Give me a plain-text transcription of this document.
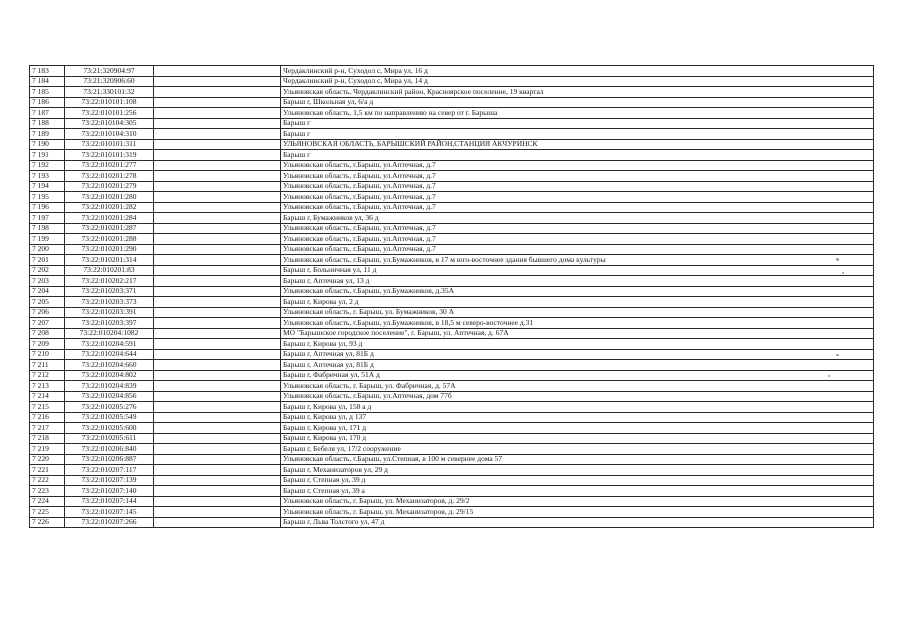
7 183	73:21:320904:97		Чердаклинский р-н, Суходол с, Мира ул, 16 д
7 184	73:21:320906:60		Чердаклинский р-н, Суходол с, Мира ул, 14 д
7 185	73:21:330101:32		Ульяновская область, Чердаклинский район, Красноярское поселение, 19 квартал
7 186	73:22:010101:108		Барыш г, Школьная ул, 6/а д
7 187	73:22:010101:256		Ульяновская область, 1,5 км по направлению на север от г. Барыша
7 188	73:22:010104:305		Барыш г
7 189	73:22:010104:310		Барыш г
7 190	73:22:010101:311		УЛЬЯНОВСКАЯ ОБЛАСТЬ, БАРЫШСКИЙ РАЙОН,СТАНЦИЯ АКЧУРИНСК
7 191	73:22:010101:319		Барыш г
7 192	73:22:010201:277		Ульяновская область, г.Барыш, ул.Аптечная, д.7
7 193	73:22:010201:278		Ульяновская область, г.Барыш, ул.Аптечная, д.7
7 194	73:22:010201:279		Ульяновская область, г.Барыш, ул.Аптечная, д.7
7 195	73:22:010201:280		Ульяновская область, г.Барыш, ул.Аптечная, д.7
7 196	73:22:010201:282		Ульяновская область, г.Барыш, ул.Аптечная, д.7
7 197	73:22:010201:284		Барыш г, Бумажников ул, 36 д
7 198	73:22:010201:287		Ульяновская область, г.Барыш, ул.Аптечная, д.7
7 199	73:22:010201:288		Ульяновская область, г.Барыш, ул.Аптечная, д.7
7 200	73:22:010201:290		Ульяновская область, г.Барыш, ул.Аптечная, д.7
7 201	73:22:010201:314		Ульяновская область, г.Барыш, ул.Бумажников, в 17 м юго-восточнее здания бывшего дома культуры
7 202	73:22:010201:83		Барыш г, Больничная ул, 11 д
7 203	73:22:010202:217		Барыш г, Аптечная ул, 13 д
7 204	73:22:010203:371		Ульяновская область, г.Барыш, ул.Бумажников, д.35А
7 205	73:22:010203:373		Барыш г, Кирова ул, 2 д
7 206	73:22:010203:391		Ульяновская область, г. Барыш, ул. Бумажников, 30 А
7 207	73:22:010203:397		Ульяновская область, г.Барыш, ул.Бумажников, в 18,5 м северо-восточнее д.31
7 208	73:22:010204:1082		МО "Барышское городское поселение", г. Барыш, ул. Аптечная, д. 67А
7 209	73:22:010204:591		Барыш г, Кирова ул, 93 д
7 210	73:22:010204:644		Барыш г, Аптечная ул, 81Б д
7 211	73:22:010204:660		Барыш г, Аптечная ул, 81Б д
7 212	73:22:010204:802		Барыш г, Фабричная ул, 51А д
7 213	73:22:010204:839		Ульяновская область, г. Барыш, ул. Фабричная, д. 57А
7 214	73:22:010204:856		Ульяновская область, г.Барыш, ул.Аптечная, дом 77б
7 215	73:22:010205:276		Барыш г, Кирова ул, 158 а д
7 216	73:22:010205:549		Барыш г, Кирова ул, д 137
7 217	73:22:010205:600		Барыш г, Кирова ул, 171 д
7 218	73:22:010205:611		Барыш г, Кирова ул, 170 д
7 219	73:22:010206:840		Барыш г, Бебеля ул, 17/2 сооружение
7 220	73:22:010206:887		Ульяновская область, г.Барыш, ул.Степная, в 100 м севернее дома 57
7 221	73:22:010207:117		Барыш г, Механизаторов ул, 29 д
7 222	73:22:010207:139		Барыш г, Степная ул, 39 д
7 223	73:22:010207:140		Барыш г, Степная ул, 39 а
7 224	73:22:010207:144		Ульяновская область, г. Барыш, ул. Механизаторов, д. 29/2
7 225	73:22:010207:145		Ульяновская область, г. Барыш, ул. Механизаторов, д. 29/15
7 226	73:22:010207:266		Барыш г, Льва Толстого ул, 47 д
